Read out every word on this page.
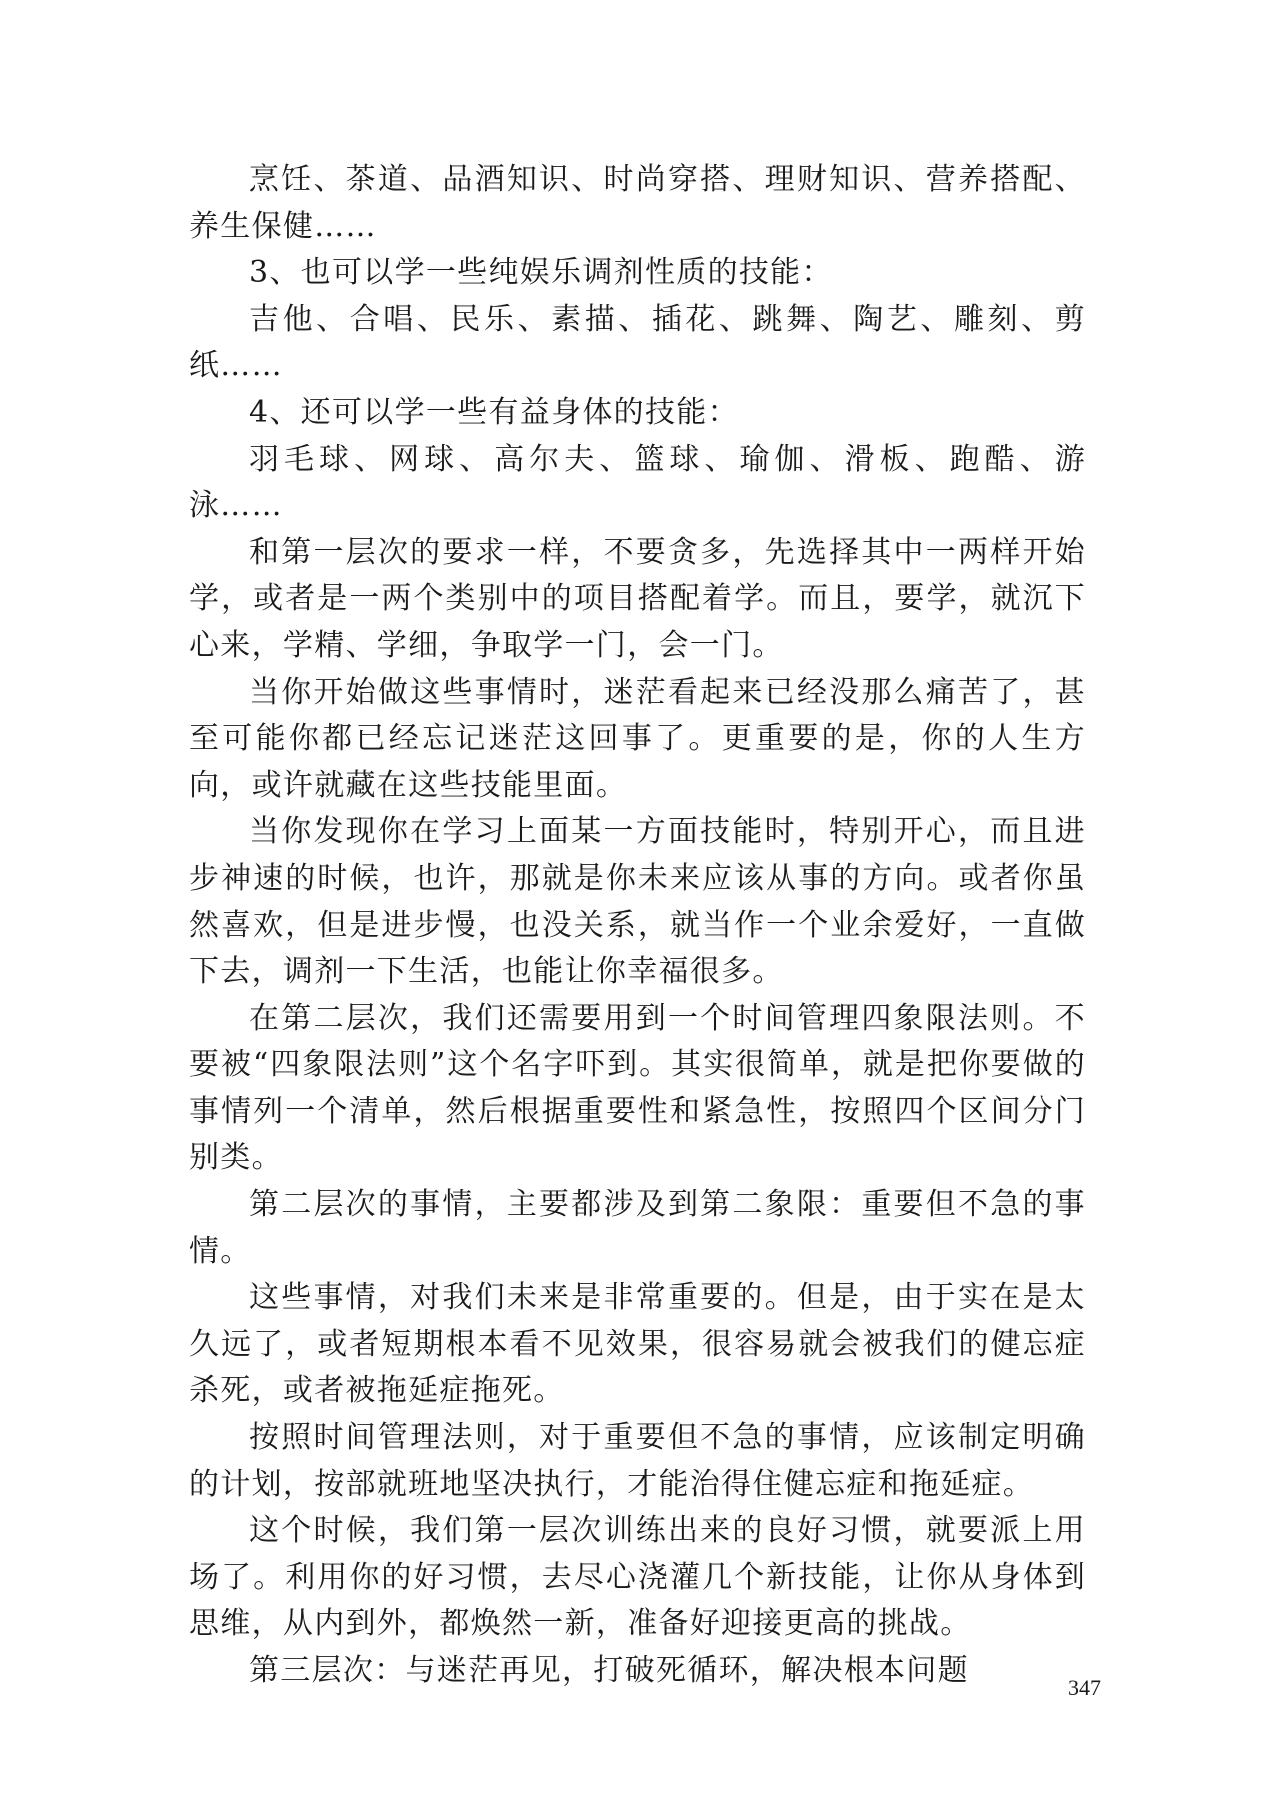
烹饪、茶道、品酒知识、时尚穿搭、理财知识、营养搭配、养生保健……

3、也可以学一些纯娱乐调剂性质的技能：

吉他、合唱、民乐、素描、插花、跳舞、陶艺、雕刻、剪纸……

4、还可以学一些有益身体的技能：

羽毛球、网球、高尔夫、篮球、瑜伽、滑板、跑酷、游泳……

和第一层次的要求一样，不要贪多，先选择其中一两样开始学，或者是一两个类别中的项目搭配着学。而且，要学，就沉下心来，学精、学细，争取学一门，会一门。

当你开始做这些事情时，迷茫看起来已经没那么痛苦了，甚至可能你都已经忘记迷茫这回事了。更重要的是，你的人生方向，或许就藏在这些技能里面。

当你发现你在学习上面某一方面技能时，特别开心，而且进步神速的时候，也许，那就是你未来应该从事的方向。或者你虽然喜欢，但是进步慢，也没关系，就当作一个业余爱好，一直做下去，调剂一下生活，也能让你幸福很多。

在第二层次，我们还需要用到一个时间管理四象限法则。不要被“四象限法则”这个名字吓到。其实很简单，就是把你要做的事情列一个清单，然后根据重要性和紧急性，按照四个区间分门别类。

第二层次的事情，主要都涉及到第二象限：重要但不急的事情。

这些事情，对我们未来是非常重要的。但是，由于实在是太久远了，或者短期根本看不见效果，很容易就会被我们的健忘症杀死，或者被拖延症拖死。

按照时间管理法则，对于重要但不急的事情，应该制定明确的计划，按部就班地坚决执行，才能治得住健忘症和拖延症。

这个时候，我们第一层次训练出来的良好习惯，就要派上用场了。利用你的好习惯，去尽心浇灌几个新技能，让你从身体到思维，从内到外，都焕然一新，准备好迎接更高的挑战。

第三层次：与迷茫再见，打破死循环，解决根本问题	347
